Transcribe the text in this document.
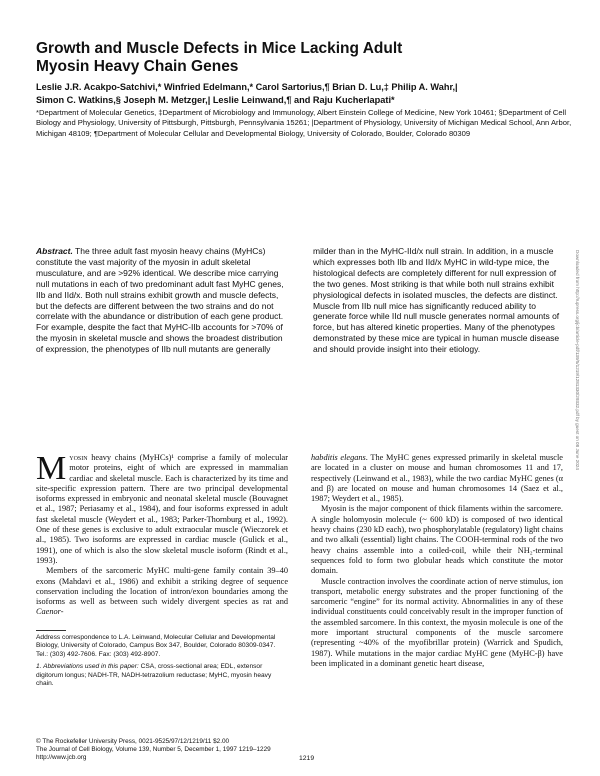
Growth and Muscle Defects in Mice Lacking Adult
Myosin Heavy Chain Genes
Leslie J.R. Acakpo-Satchivi,* Winfried Edelmann,* Carol Sartorius,¶ Brian D. Lu,‡ Philip A. Wahr,|
Simon C. Watkins,§ Joseph M. Metzger,| Leslie Leinwand,¶ and Raju Kucherlapati*
*Department of Molecular Genetics, ‡Department of Microbiology and Immunology, Albert Einstein College of Medicine, New York 10461; §Department of Cell Biology and Physiology, University of Pittsburgh, Pittsburgh, Pennsylvania 15261; |Department of Physiology, University of Michigan Medical School, Ann Arbor, Michigan 48109; ¶Department of Molecular Cellular and Developmental Biology, University of Colorado, Boulder, Colorado 80309

Abstract. The three adult fast myosin heavy chains (MyHCs) constitute the vast majority of the myosin in adult skeletal musculature, and are >92% identical. We describe mice carrying null mutations in each of two predominant adult fast MyHC genes, IIb and IId/x. Both null strains exhibit growth and muscle defects, but the defects are different between the two strains and do not correlate with the abundance or distribution of each gene product. For example, despite the fact that MyHC-IIb accounts for >70% of the myosin in skeletal muscle and shows the broadest distribution of expression, the phenotypes of IIb null mutants are generally milder than in the MyHC-IId/x null strain. In addition, in a muscle which expresses both IIb and IId/x MyHC in wild-type mice, the histological defects are completely different for null expression of the two genes. Most striking is that while both null strains exhibit physiological defects in isolated muscles, the defects are distinct. Muscle from IIb null mice has significantly reduced ability to generate force while IId null muscle generates normal amounts of force, but has altered kinetic properties. Many of the phenotypes demonstrated by these mice are typical in human muscle disease and should provide insight into their etiology.	Downloaded from http://rupress.org/jcb/article-pdf/139/5/1219/1281330/29332.pdf by guest on 08 June 2024

Myosin heavy chains (MyHCs)¹ comprise a family of molecular motor proteins, eight of which are expressed in mammalian cardiac and skeletal muscle. Each is characterized by its time and site-specific expression pattern. There are two principal developmental isoforms expressed in embryonic and neonatal skeletal muscle (Bouvagnet et al., 1987; Periasamy et al., 1984), and four isoforms expressed in adult fast skeletal muscle (Weydert et al., 1983; Parker-Thornburg et al., 1992). One of these genes is exclusive to adult extraocular muscle (Wieczorek et al., 1985). Two isoforms are expressed in cardiac muscle (Gulick et al., 1991), one of which is also the slow skeletal muscle isoform (Rindt et al., 1993).

Members of the sarcomeric MyHC multi-gene family contain 39–40 exons (Mahdavi et al., 1986) and exhibit a striking degree of sequence conservation including the location of intron/exon boundaries among the isoforms as well as between such widely divergent species as rat and Caenor-

habditis elegans. The MyHC genes expressed primarily in skeletal muscle are located in a cluster on mouse and human chromosomes 11 and 17, respectively (Leinwand et al., 1983), while the two cardiac MyHC genes (α and β) are located on mouse and human chromosomes 14 (Saez et al., 1987; Weydert et al., 1985).

Myosin is the major component of thick filaments within the sarcomere. A single holomyosin molecule (~ 600 kD) is composed of two identical heavy chains (230 kD each), two phosphorylatable (regulatory) light chains and two alkali (essential) light chains. The COOH-terminal rods of the two heavy chains assemble into a coiled-coil, while their NH₂-terminal sequences fold to form two globular heads which constitute the motor domain.

Muscle contraction involves the coordinate action of nerve stimulus, ion transport, metabolic energy substrates and the proper functioning of the sarcomeric “engine” for its normal activity. Abnormalities in any of these individual constituents could conceivably result in the improper function of the assembled sarcomere. In this context, the myosin molecule is one of the more important structural components of the muscle sarcomere (representing ~40% of the myofibrillar protein) (Warrick and Spudich, 1987). While mutations in the major cardiac MyHC gene (MyHC-β) have been implicated in a dominant genetic heart disease,

Address correspondence to L.A. Leinwand, Molecular Cellular and Developmental Biology, University of Colorado, Campus Box 347, Boulder, Colorado 80309-0347. Tel.: (303) 492-7606. Fax: (303) 492-8907.

1. Abbreviations used in this paper: CSA, cross-sectional area; EDL, extensor digitorum longus; NADH-TR, NADH-tetrazolium reductase; MyHC, myosin heavy chain.

© The Rockefeller University Press, 0021-9525/97/12/1219/11 $2.00
The Journal of Cell Biology, Volume 139, Number 5, December 1, 1997 1219–1229
http://www.jcb.org	1219
